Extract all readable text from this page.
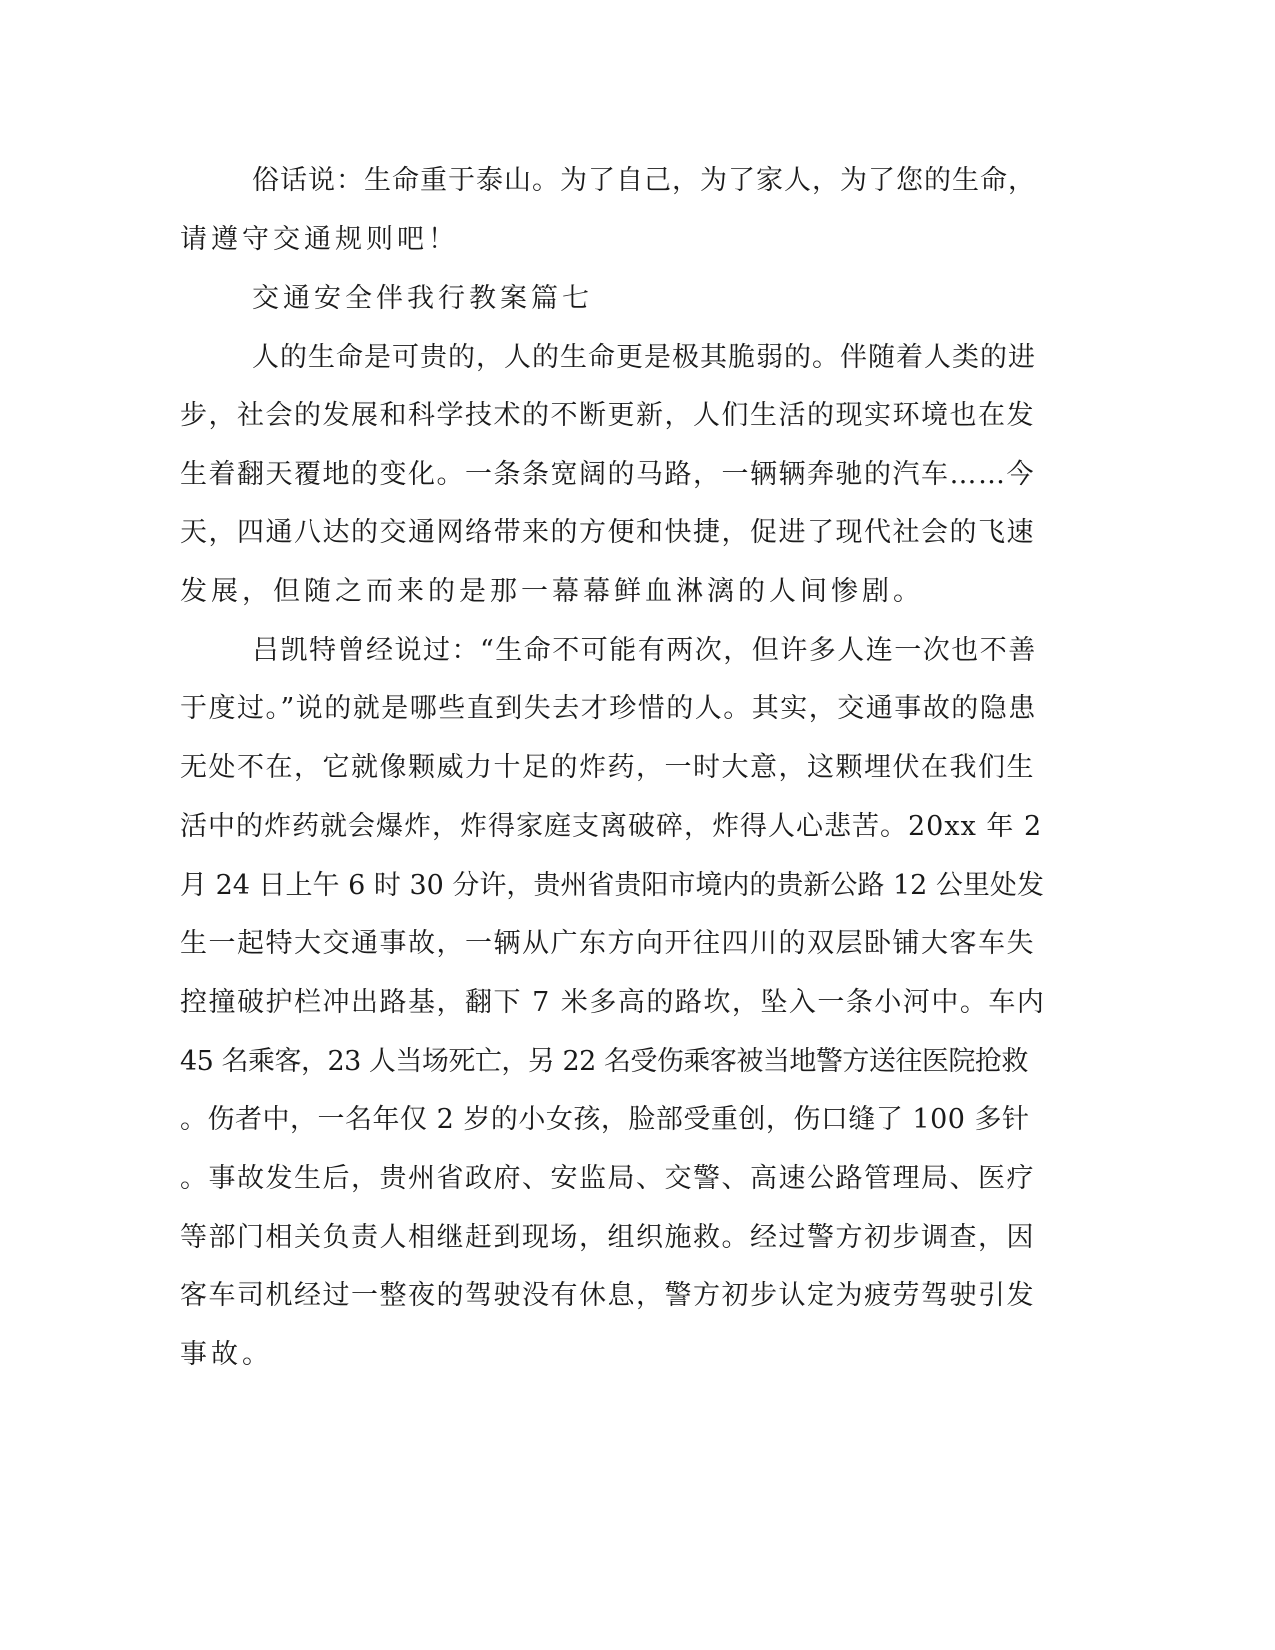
俗话说：生命重于泰山。为了自己，为了家人，为了您的生命，

请遵守交通规则吧！

交通安全伴我行教案篇七

人的生命是可贵的，人的生命更是极其脆弱的。伴随着人类的进

步，社会的发展和科学技术的不断更新，人们生活的现实环境也在发

生着翻天覆地的变化。一条条宽阔的马路，一辆辆奔驰的汽车……今

天，四通八达的交通网络带来的方便和快捷，促进了现代社会的飞速

发展，但随之而来的是那一幕幕鲜血淋漓的人间惨剧。

吕凯特曾经说过：“生命不可能有两次，但许多人连一次也不善

于度过。”说的就是哪些直到失去才珍惜的人。其实，交通事故的隐患

无处不在，它就像颗威力十足的炸药，一时大意，这颗埋伏在我们生

活中的炸药就会爆炸，炸得家庭支离破碎，炸得人心悲苦。20xx 年 2

月 24 日上午 6 时 30 分许，贵州省贵阳市境内的贵新公路 12 公里处发

生一起特大交通事故，一辆从广东方向开往四川的双层卧铺大客车失

控撞破护栏冲出路基，翻下 7 米多高的路坎，坠入一条小河中。车内

45 名乘客，23 人当场死亡，另 22 名受伤乘客被当地警方送往医院抢救

。伤者中，一名年仅 2 岁的小女孩，脸部受重创，伤口缝了 100 多针

。事故发生后，贵州省政府、安监局、交警、高速公路管理局、医疗

等部门相关负责人相继赶到现场，组织施救。经过警方初步调查，因

客车司机经过一整夜的驾驶没有休息，警方初步认定为疲劳驾驶引发

事故。
